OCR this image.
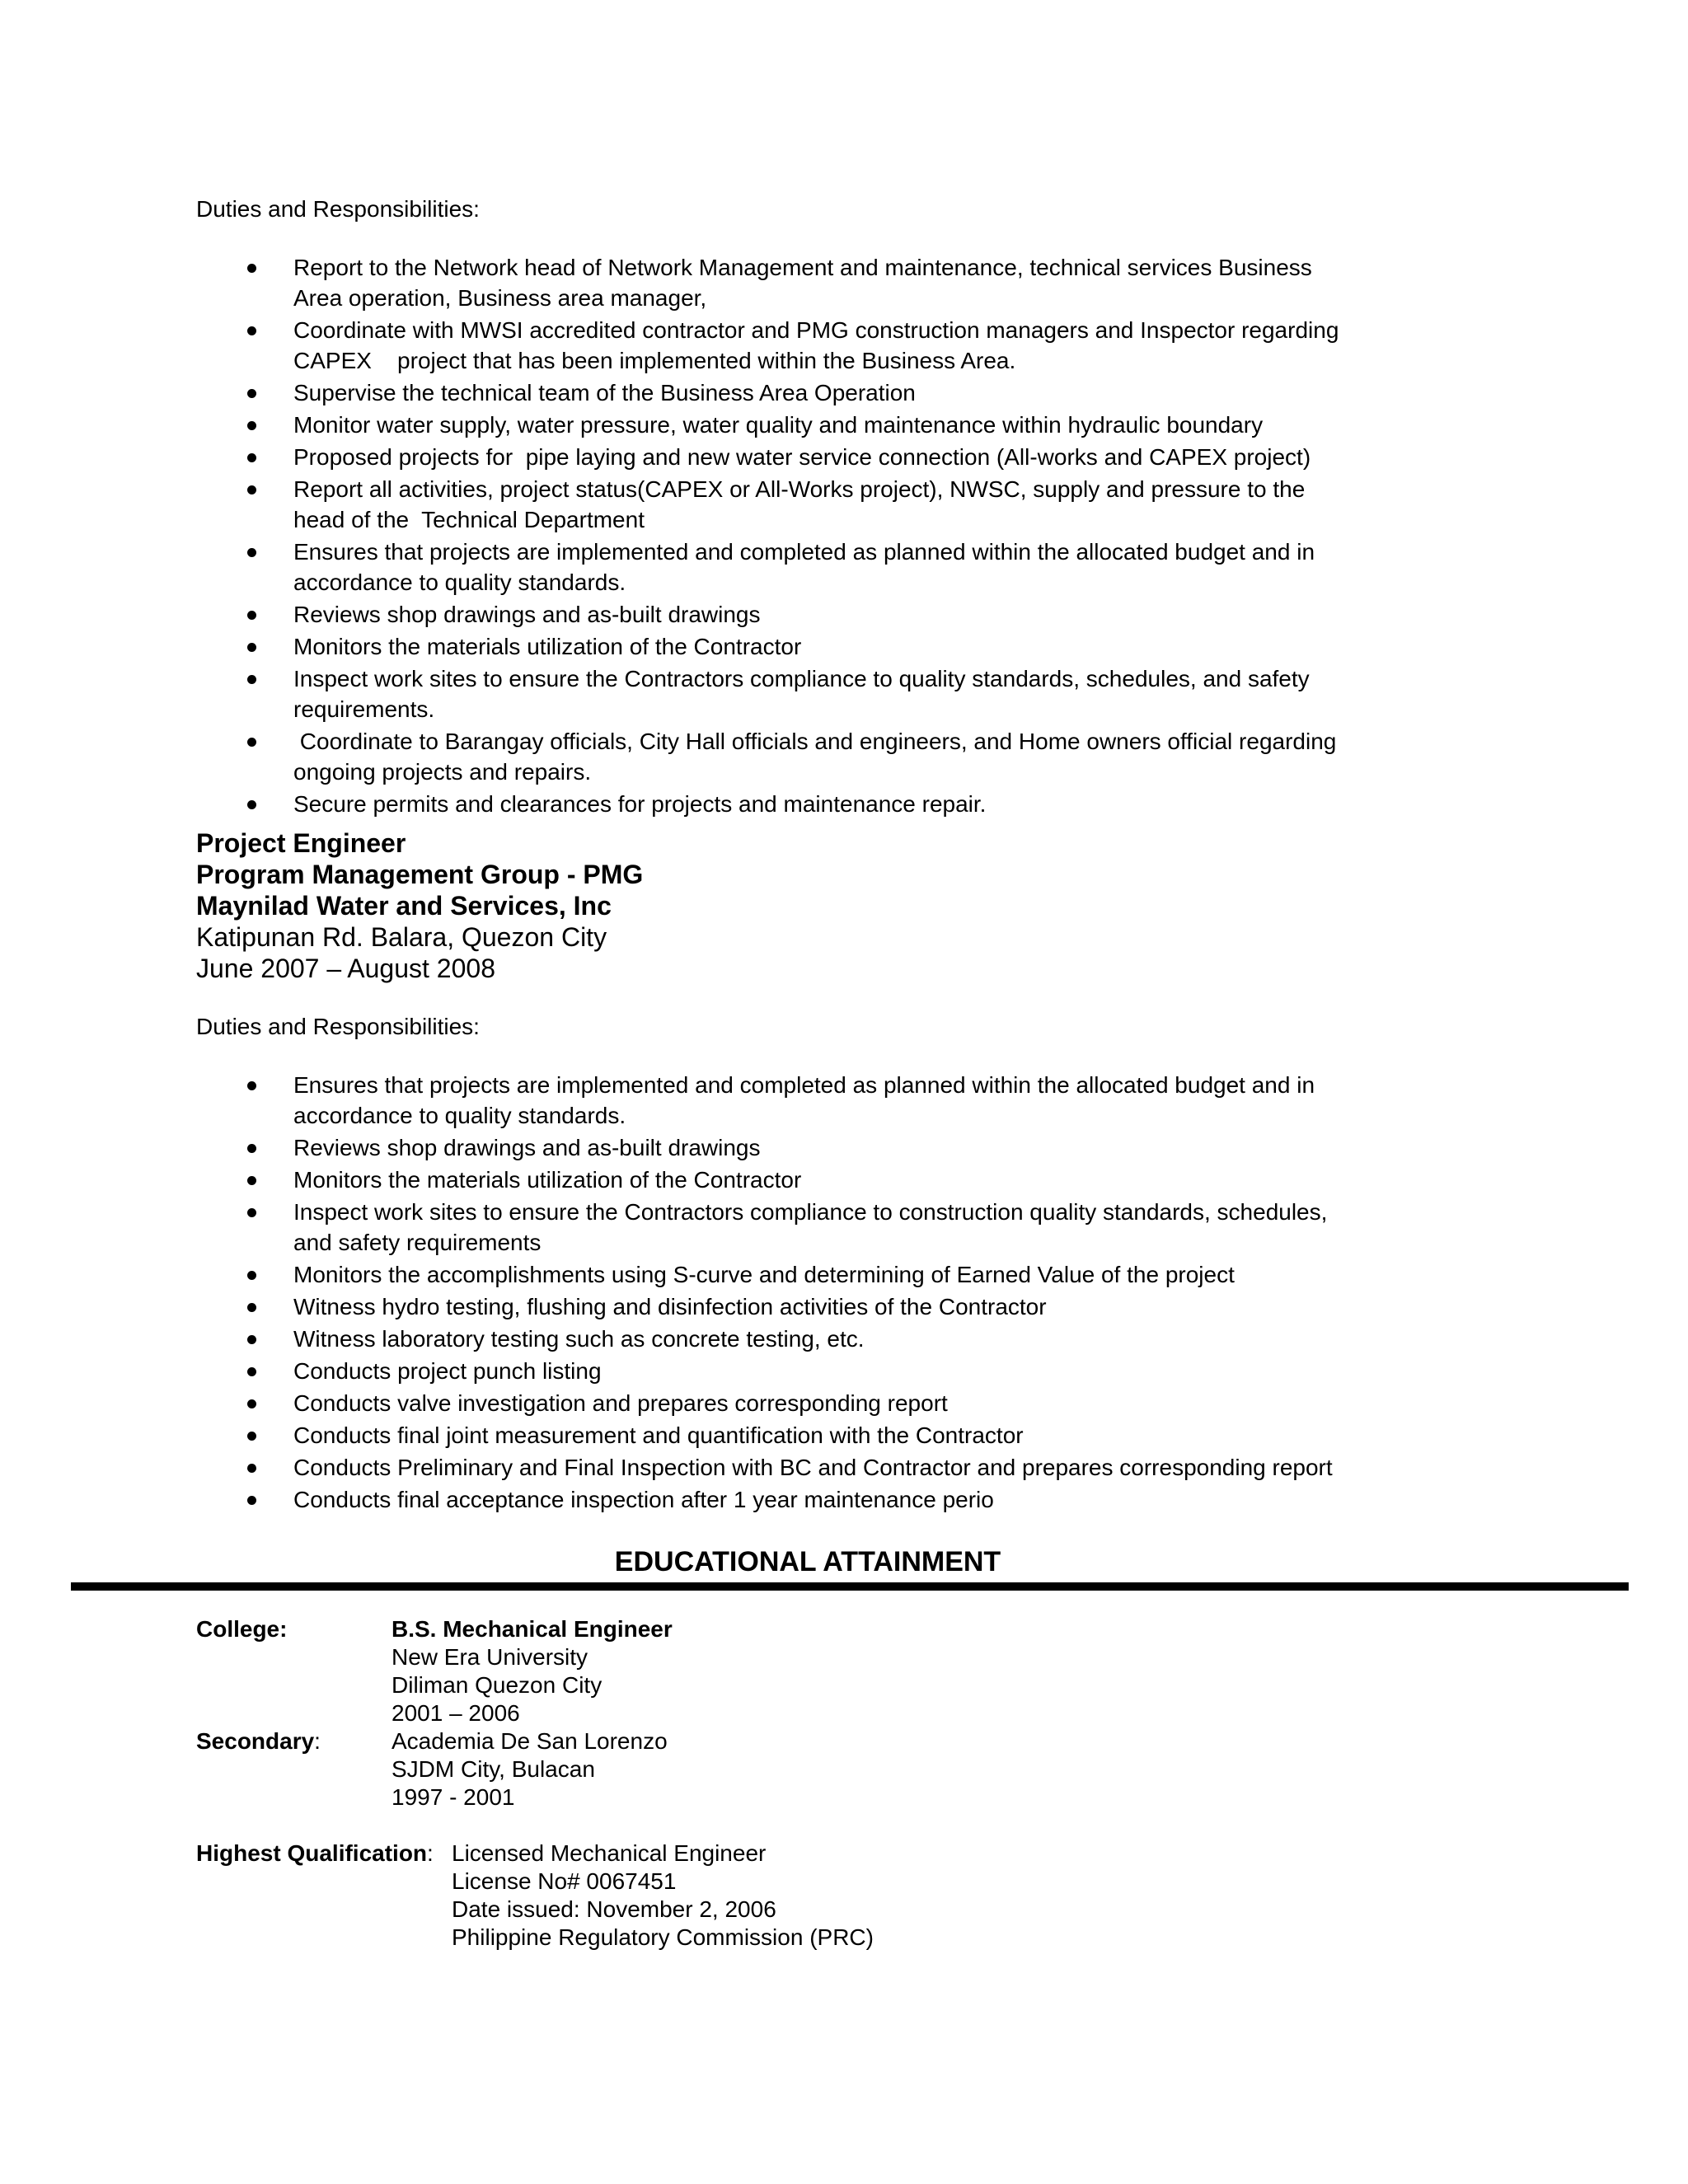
Duties and Responsibilities:
Report to the Network head of Network Management and maintenance, technical services Business
Area operation, Business area manager,
Coordinate with MWSI accredited contractor and PMG construction managers and Inspector regarding
CAPEX    project that has been implemented within the Business Area.
Supervise the technical team of the Business Area Operation
Monitor water supply, water pressure, water quality and maintenance within hydraulic boundary
Proposed projects for  pipe laying and new water service connection (All-works and CAPEX project)
Report all activities, project status(CAPEX or All-Works project), NWSC, supply and pressure to the
head of the  Technical Department
Ensures that projects are implemented and completed as planned within the allocated budget and in
accordance to quality standards.
Reviews shop drawings and as-built drawings
Monitors the materials utilization of the Contractor
Inspect work sites to ensure the Contractors compliance to quality standards, schedules, and safety
requirements.
Coordinate to Barangay officials, City Hall officials and engineers, and Home owners official regarding
ongoing projects and repairs.
Secure permits and clearances for projects and maintenance repair.
Project Engineer
Program Management Group - PMG
Maynilad Water and Services, Inc
Katipunan Rd. Balara, Quezon City
June 2007 – August 2008
Duties and Responsibilities:
Ensures that projects are implemented and completed as planned within the allocated budget and in
accordance to quality standards.
Reviews shop drawings and as-built drawings
Monitors the materials utilization of the Contractor
Inspect work sites to ensure the Contractors compliance to construction quality standards, schedules,
and safety requirements
Monitors the accomplishments using S-curve and determining of Earned Value of the project
Witness hydro testing, flushing and disinfection activities of the Contractor
Witness laboratory testing such as concrete testing, etc.
Conducts project punch listing
Conducts valve investigation and prepares corresponding report
Conducts final joint measurement and quantification with the Contractor
Conducts Preliminary and Final Inspection with BC and Contractor and prepares corresponding report
Conducts final acceptance inspection after 1 year maintenance perio
EDUCATIONAL ATTAINMENT
College:	B.S. Mechanical Engineer
New Era University
Diliman Quezon City
2001 – 2006
Secondary:	Academia De San Lorenzo
SJDM City, Bulacan
1997 - 2001
Highest Qualification: Licensed Mechanical Engineer
License No# 0067451
Date issued: November 2, 2006
Philippine Regulatory Commission (PRC)
